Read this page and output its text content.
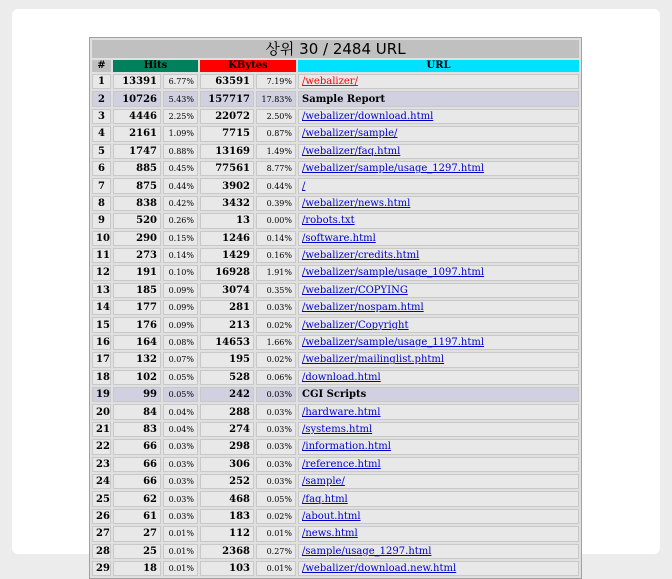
상위 30 / 2484 URL					
#	Hits		KBytes		URL
1	13391	6.77%	63591	7.19%	/webalizer/
2	10726	5.43%	157717	17.83%	Sample Report
3	4446	2.25%	22072	2.50%	/webalizer/download.html
4	2161	1.09%	7715	0.87%	/webalizer/sample/
5	1747	0.88%	13169	1.49%	/webalizer/faq.html
6	885	0.45%	77561	8.77%	/webalizer/sample/usage_1297.html
7	875	0.44%	3902	0.44%	/
8	838	0.42%	3432	0.39%	/webalizer/news.html
9	520	0.26%	13	0.00%	/robots.txt
10	290	0.15%	1246	0.14%	/software.html
11	273	0.14%	1429	0.16%	/webalizer/credits.html
12	191	0.10%	16928	1.91%	/webalizer/sample/usage_1097.html
13	185	0.09%	3074	0.35%	/webalizer/COPYING
14	177	0.09%	281	0.03%	/webalizer/nospam.html
15	176	0.09%	213	0.02%	/webalizer/Copyright
16	164	0.08%	14653	1.66%	/webalizer/sample/usage_1197.html
17	132	0.07%	195	0.02%	/webalizer/mailinglist.phtml
18	102	0.05%	528	0.06%	/download.html
19	99	0.05%	242	0.03%	CGI Scripts
20	84	0.04%	288	0.03%	/hardware.html
21	83	0.04%	274	0.03%	/systems.html
22	66	0.03%	298	0.03%	/information.html
23	66	0.03%	306	0.03%	/reference.html
24	66	0.03%	252	0.03%	/sample/
25	62	0.03%	468	0.05%	/faq.html
26	61	0.03%	183	0.02%	/about.html
27	27	0.01%	112	0.01%	/news.html
28	25	0.01%	2368	0.27%	/sample/usage_1297.html
29	18	0.01%	103	0.01%	/webalizer/download.new.html
